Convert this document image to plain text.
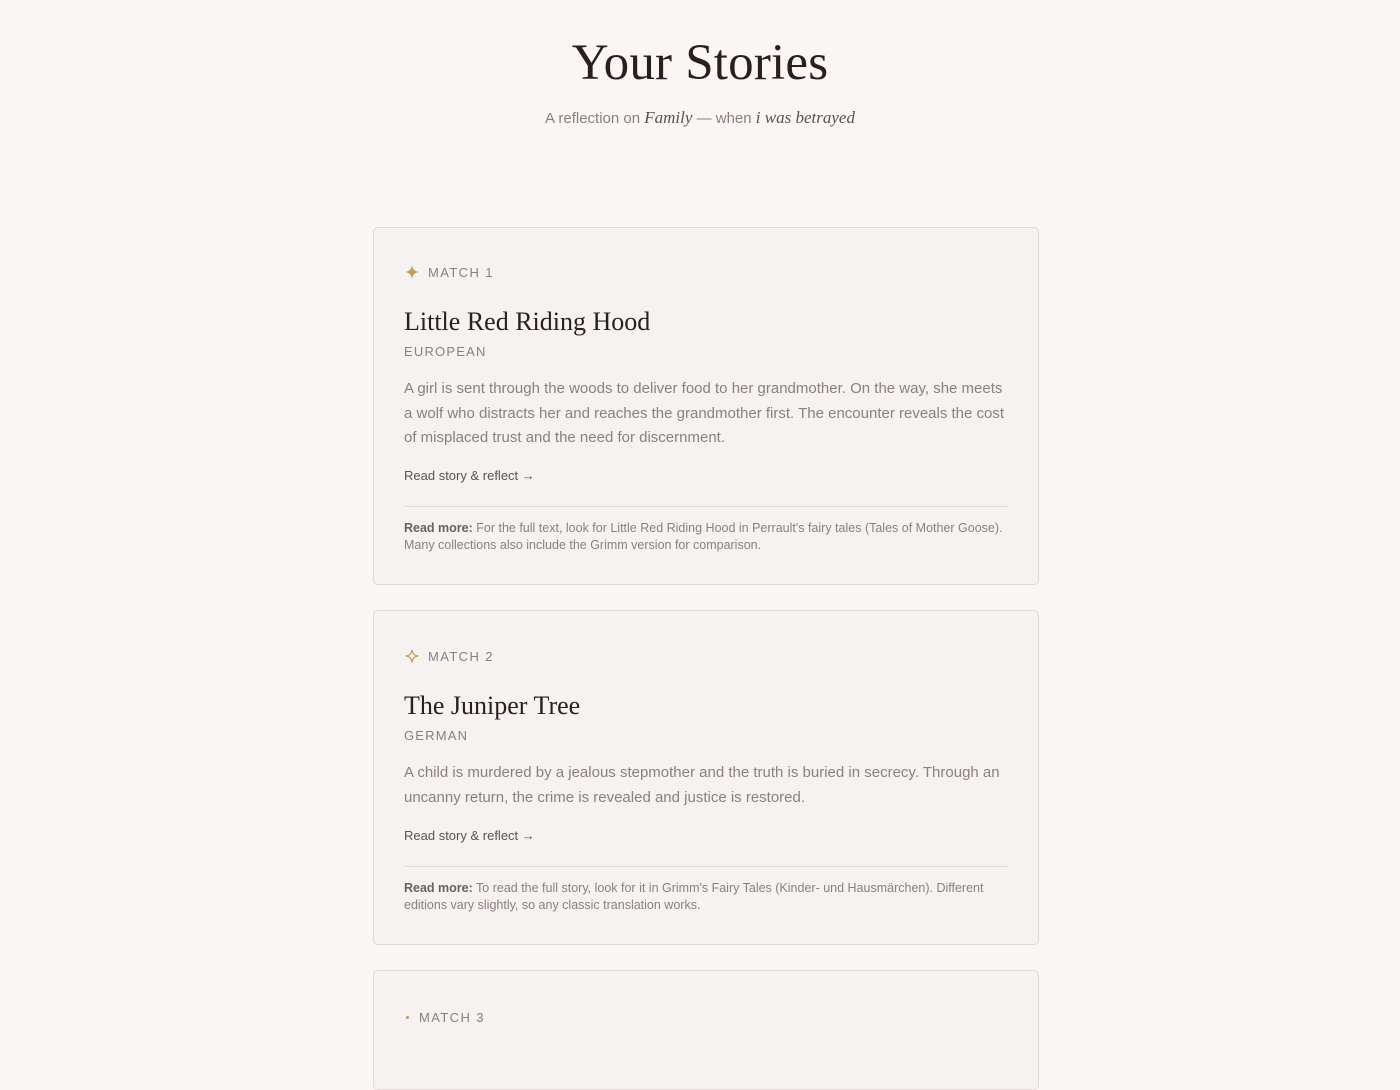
Your Stories
A reflection on Family — when i was betrayed
MATCH 1
Little Red Riding Hood
EUROPEAN
A girl is sent through the woods to deliver food to her grandmother. On the way, she meets a wolf who distracts her and reaches the grandmother first. The encounter reveals the cost of misplaced trust and the need for discernment.
Read story & reflect →
Read more: For the full text, look for Little Red Riding Hood in Perrault's fairy tales (Tales of Mother Goose). Many collections also include the Grimm version for comparison.
MATCH 2
The Juniper Tree
GERMAN
A child is murdered by a jealous stepmother and the truth is buried in secrecy. Through an uncanny return, the crime is revealed and justice is restored.
Read story & reflect →
Read more: To read the full story, look for it in Grimm's Fairy Tales (Kinder- und Hausmärchen). Different editions vary slightly, so any classic translation works.
MATCH 3
